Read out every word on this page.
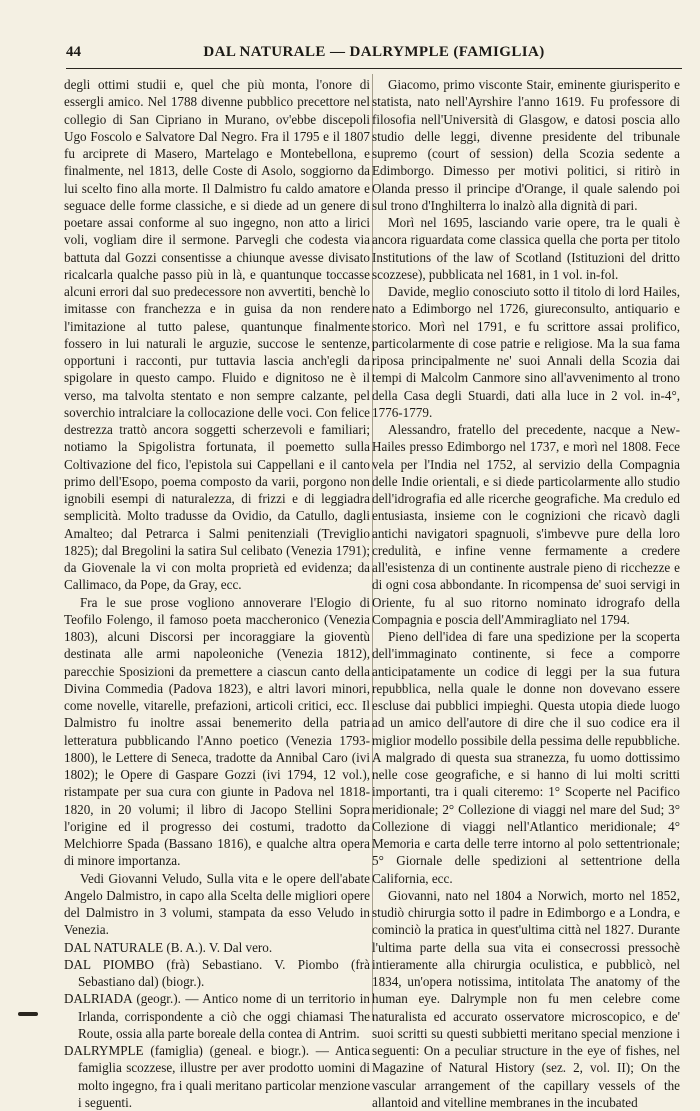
44	DAL NATURALE — DALRYMPLE (FAMIGLIA)

degli ottimi studii e, quel che più monta, l'onore di essergli amico. Nel 1788 divenne pubblico precettore nel collegio di San Cipriano in Murano, ov'ebbe discepoli Ugo Foscolo e Salvatore Dal Negro. Fra il 1795 e il 1807 fu arciprete di Masero, Martelago e Montebellona, e finalmente, nel 1813, delle Coste di Asolo, soggiorno da lui scelto fino alla morte. Il Dalmistro fu caldo amatore e seguace delle forme classiche, e si diede ad un genere di poetare assai conforme al suo ingegno, non atto a lirici voli, vogliam dire il sermone. Parvegli che codesta via battuta dal Gozzi consentisse a chiunque avesse divisato ricalcarla qualche passo più in là, e quantunque toccasse alcuni errori dal suo predecessore non avvertiti, benchè lo imitasse con franchezza e in guisa da non rendere l'imitazione al tutto palese, quantunque finalmente fossero in lui naturali le arguzie, succose le sentenze, opportuni i racconti, pur tuttavia lascia anch'egli da spigolare in questo campo. Fluido e dignitoso ne è il verso, ma talvolta stentato e non sempre calzante, pel soverchio intralciare la collocazione delle voci. Con felice destrezza trattò ancora soggetti scherzevoli e familiari; notiamo la Spigolistra fortunata, il poemetto sulla Coltivazione del fico, l'epistola sui Cappellani e il canto primo dell'Esopo, poema composto da varii, porgono non ignobili esempi di naturalezza, di frizzi e di leggiadra semplicità. Molto tradusse da Ovidio, da Catullo, dagli Amalteo; dal Petrarca i Salmi penitenziali (Treviglio 1825); dal Bregolini la satira Sul celibato (Venezia 1791); da Giovenale la vi con molta proprietà ed evidenza; da Callimaco, da Pope, da Gray, ecc.

Fra le sue prose vogliono annoverare l'Elogio di Teofilo Folengo, il famoso poeta maccheronico (Venezia 1803), alcuni Discorsi per incoraggiare la gioventù destinata alle armi napoleoniche (Venezia 1812), parecchie Sposizioni da premettere a ciascun canto della Divina Commedia (Padova 1823), e altri lavori minori, come novelle, vitarelle, prefazioni, articoli critici, ecc. Il Dalmistro fu inoltre assai benemerito della patria letteratura pubblicando l'Anno poetico (Venezia 1793-1800), le Lettere di Seneca, tradotte da Annibal Caro (ivi 1802); le Opere di Gaspare Gozzi (ivi 1794, 12 vol.), ristampate per sua cura con giunte in Padova nel 1818-1820, in 20 volumi; il libro di Jacopo Stellini Sopra l'origine ed il progresso dei costumi, tradotto da Melchiorre Spada (Bassano 1816), e qualche altra opera di minore importanza.

Vedi Giovanni Veludo, Sulla vita e le opere dell'abate Angelo Dalmistro, in capo alla Scelta delle migliori opere del Dalmistro in 3 volumi, stampata da esso Veludo in Venezia.

DAL NATURALE (B. A.). V. Dal vero.

DAL PIOMBO (frà) Sebastiano. V. Piombo (frà Sebastiano dal) (biogr.).

DALRIADA (geogr.). — Antico nome di un territorio in Irlanda, corrispondente a ciò che oggi chiamasi The Route, ossia alla parte boreale della contea di Antrim.

DALRYMPLE (famiglia) (geneal. e biogr.). — Antica famiglia scozzese, illustre per aver prodotto uomini di molto ingegno, fra i quali meritano particolar menzione i seguenti.

Giacomo, primo visconte Stair, eminente giurisperito e statista, nato nell'Ayrshire l'anno 1619. Fu professore di filosofia nell'Università di Glasgow, e datosi poscia allo studio delle leggi, divenne presidente del tribunale supremo (court of session) della Scozia sedente a Edimborgo. Dimesso per motivi politici, si ritirò in Olanda presso il principe d'Orange, il quale salendo poi sul trono d'Inghilterra lo inalzò alla dignità di pari.

Morì nel 1695, lasciando varie opere, tra le quali è ancora riguardata come classica quella che porta per titolo Institutions of the law of Scotland (Istituzioni del dritto scozzese), pubblicata nel 1681, in 1 vol. in-fol.

Davide, meglio conosciuto sotto il titolo di lord Hailes, nato a Edimborgo nel 1726, giureconsulto, antiquario e storico. Morì nel 1791, e fu scrittore assai prolifico, particolarmente di cose patrie e religiose. Ma la sua fama riposa principalmente ne' suoi Annali della Scozia dai tempi di Malcolm Canmore sino all'avvenimento al trono della Casa degli Stuardi, dati alla luce in 2 vol. in-4°, 1776-1779.

Alessandro, fratello del precedente, nacque a New-Hailes presso Edimborgo nel 1737, e morì nel 1808. Fece vela per l'India nel 1752, al servizio della Compagnia delle Indie orientali, e si diede particolarmente allo studio dell'idrografia ed alle ricerche geografiche. Ma credulo ed entusiasta, insieme con le cognizioni che ricavò dagli antichi navigatori spagnuoli, s'imbevve pure della loro credulità, e infine venne fermamente a credere all'esistenza di un continente australe pieno di ricchezze e di ogni cosa abbondante. In ricompensa de' suoi servigi in Oriente, fu al suo ritorno nominato idrografo della Compagnia e poscia dell'Ammiragliato nel 1794.

Pieno dell'idea di fare una spedizione per la scoperta dell'immaginato continente, si fece a comporre anticipatamente un codice di leggi per la sua futura repubblica, nella quale le donne non dovevano essere escluse dai pubblici impieghi. Questa utopia diede luogo ad un amico dell'autore di dire che il suo codice era il miglior modello possibile della pessima delle repubbliche. A malgrado di questa sua stranezza, fu uomo dottissimo nelle cose geografiche, e si hanno di lui molti scritti importanti, tra i quali citeremo: 1° Scoperte nel Pacifico meridionale; 2° Collezione di viaggi nel mare del Sud; 3° Collezione di viaggi nell'Atlantico meridionale; 4° Memoria e carta delle terre intorno al polo settentrionale; 5° Giornale delle spedizioni al settentrione della California, ecc.

Giovanni, nato nel 1804 a Norwich, morto nel 1852, studiò chirurgia sotto il padre in Edimborgo e a Londra, e cominciò la pratica in quest'ultima città nel 1827. Durante l'ultima parte della sua vita ei consecrossi pressochè intieramente alla chirurgia oculistica, e pubblicò, nel 1834, un'opera notissima, intitolata The anatomy of the human eye. Dalrymple non fu men celebre come naturalista ed accurato osservatore microscopico, e de' suoi scritti su questi subbietti meritano special menzione i seguenti: On a peculiar structure in the eye of fishes, nel Magazine of Natural History (sez. 2, vol. II); On the vascular arrangement of the capillary vessels of the allantoid and vitelline membranes in the incubated
